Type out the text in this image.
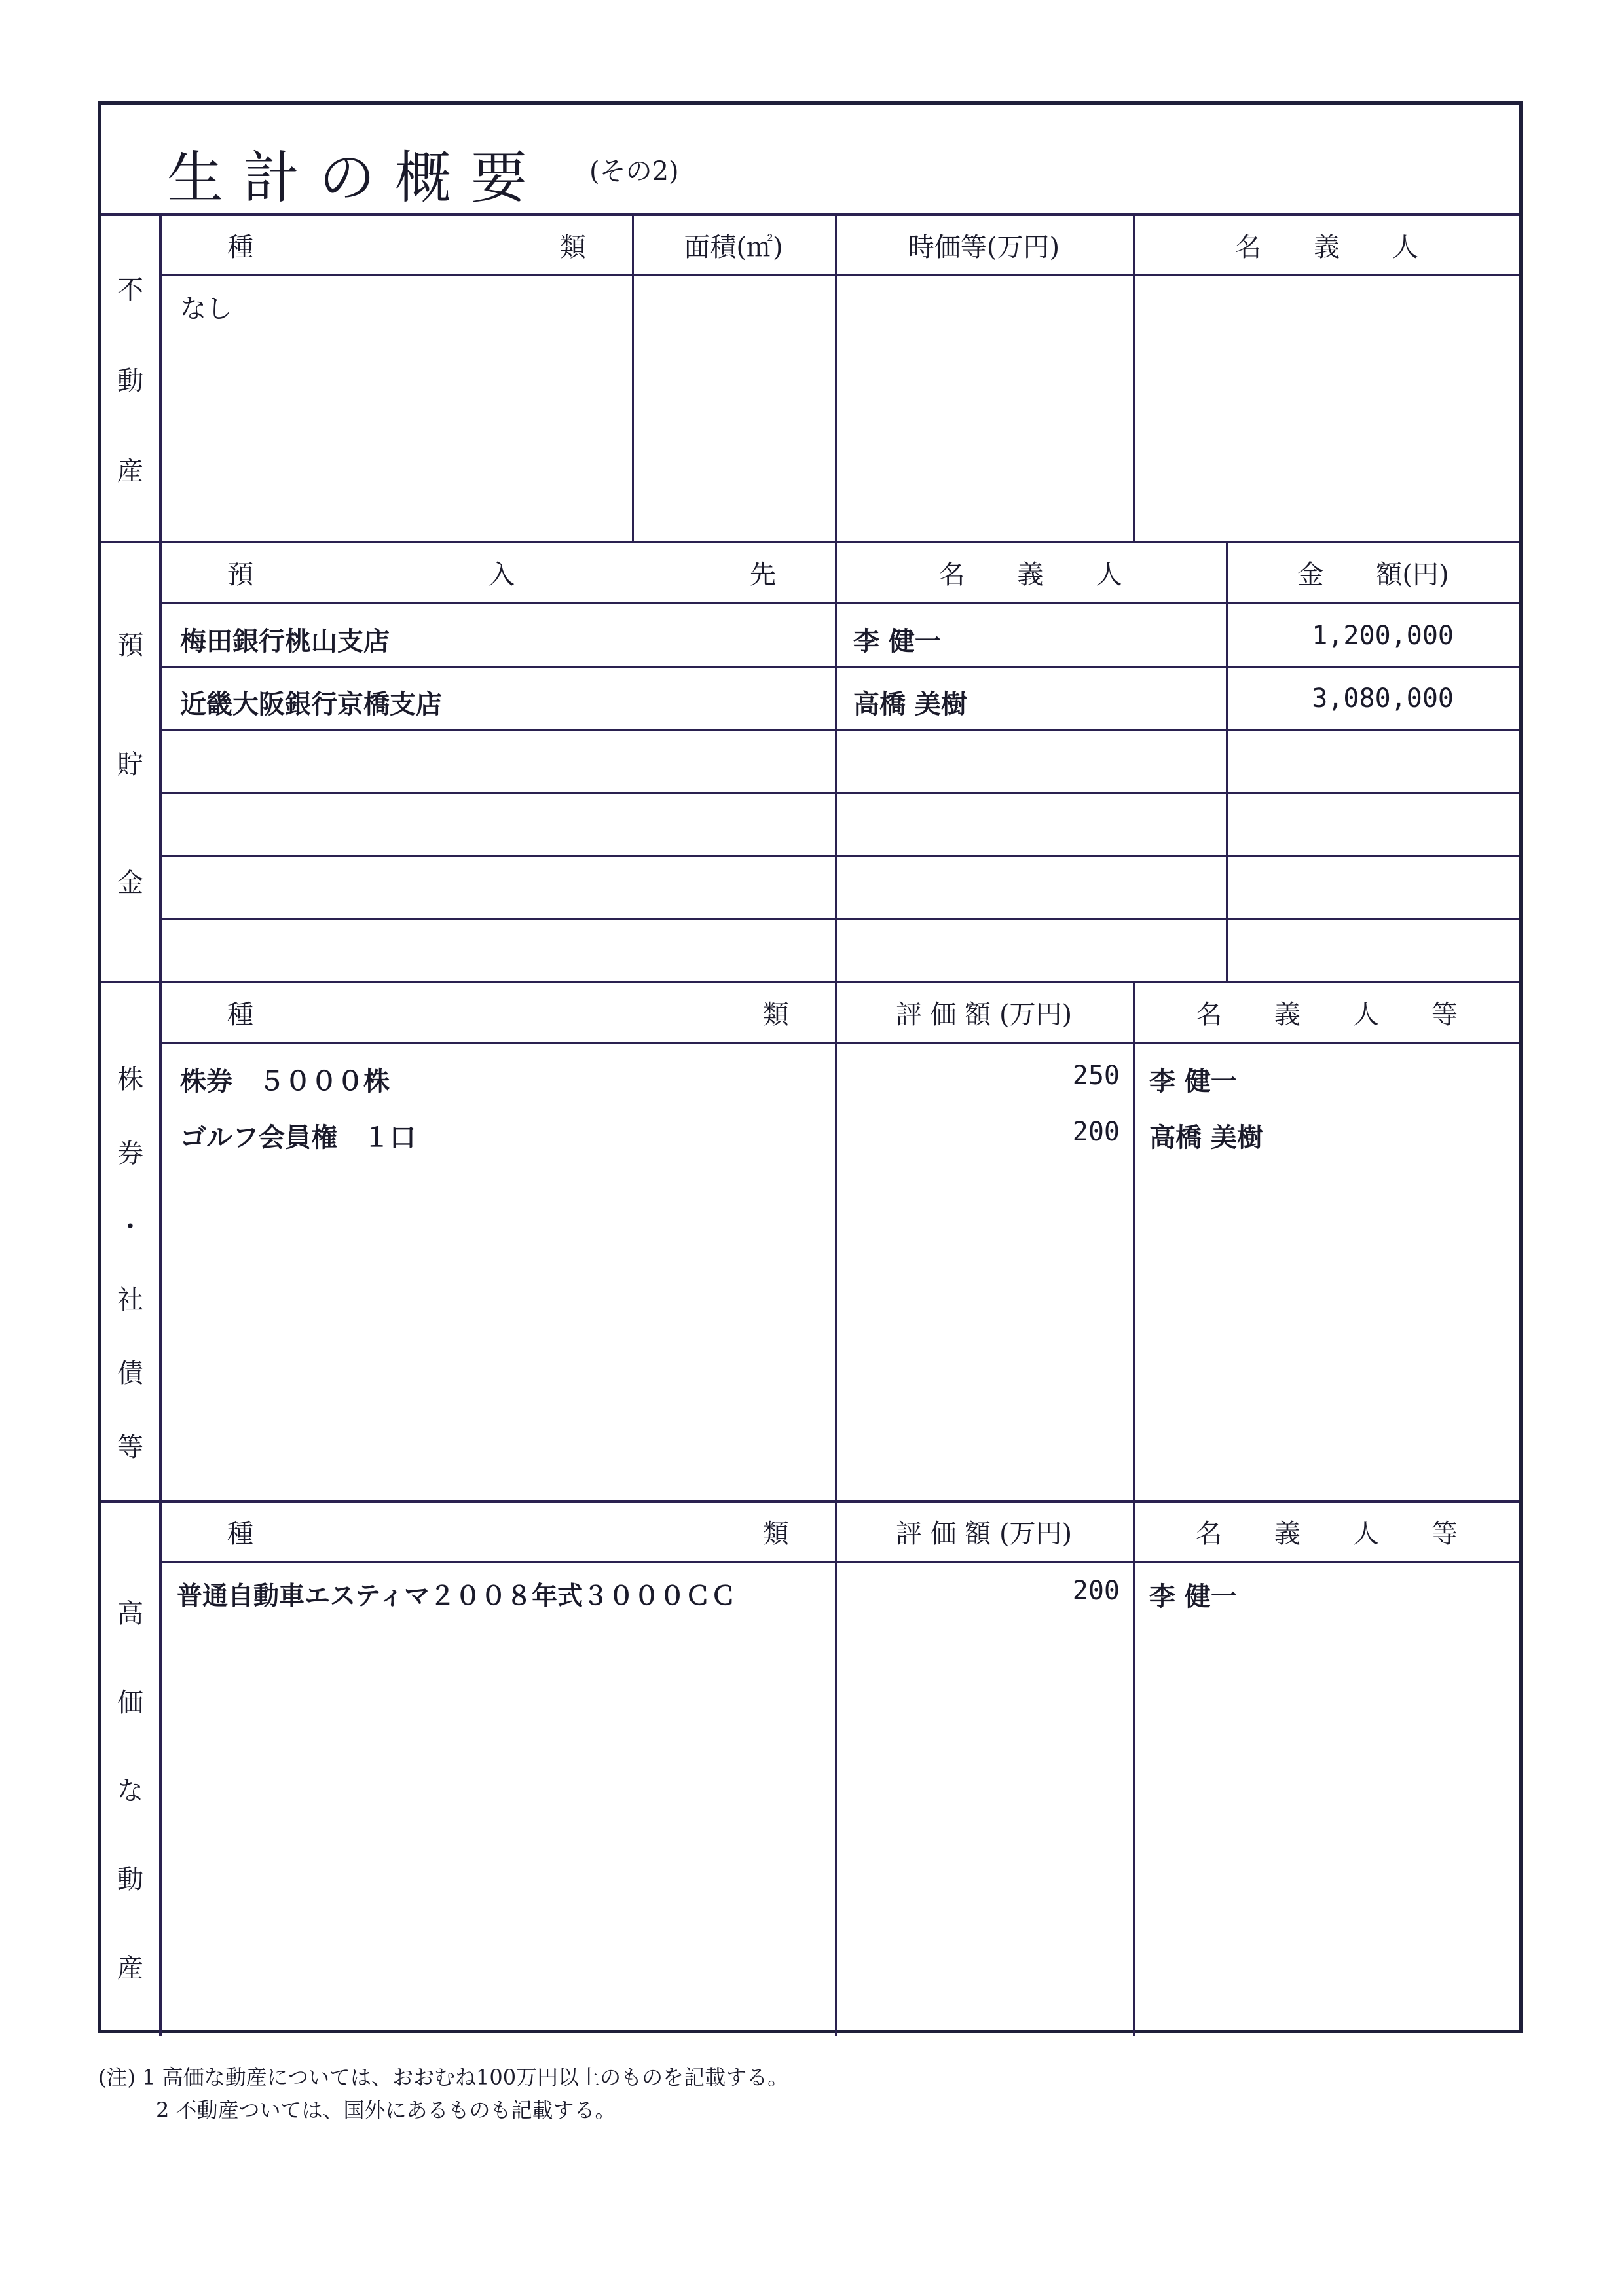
生計の概要 (その2)
不
動
産
種	類	面積(㎡)	時価等(万円)	名　　義　　人
なし
預
貯
金
預	入	先	名　　義　　人	金　　額(円)
梅田銀行桃山支店	李 健一	1,200,000
近畿大阪銀行京橋支店	高橋 美樹	3,080,000
株
券
・
社
債
等
種	類	評 価 額 (万円)	名　　義　　人　　等
株券　５０００株	250 李 健一
ゴルフ会員権　１口	200 高橋 美樹
高
価
な
動
産
種	類	評 価 額 (万円)	名　　義　　人　　等
普通自動車エスティマ２００８年式３０００ＣＣ	200 李 健一
(注) 1 高価な動産については、おおむね100万円以上のものを記載する。
2 不動産ついては、国外にあるものも記載する。
